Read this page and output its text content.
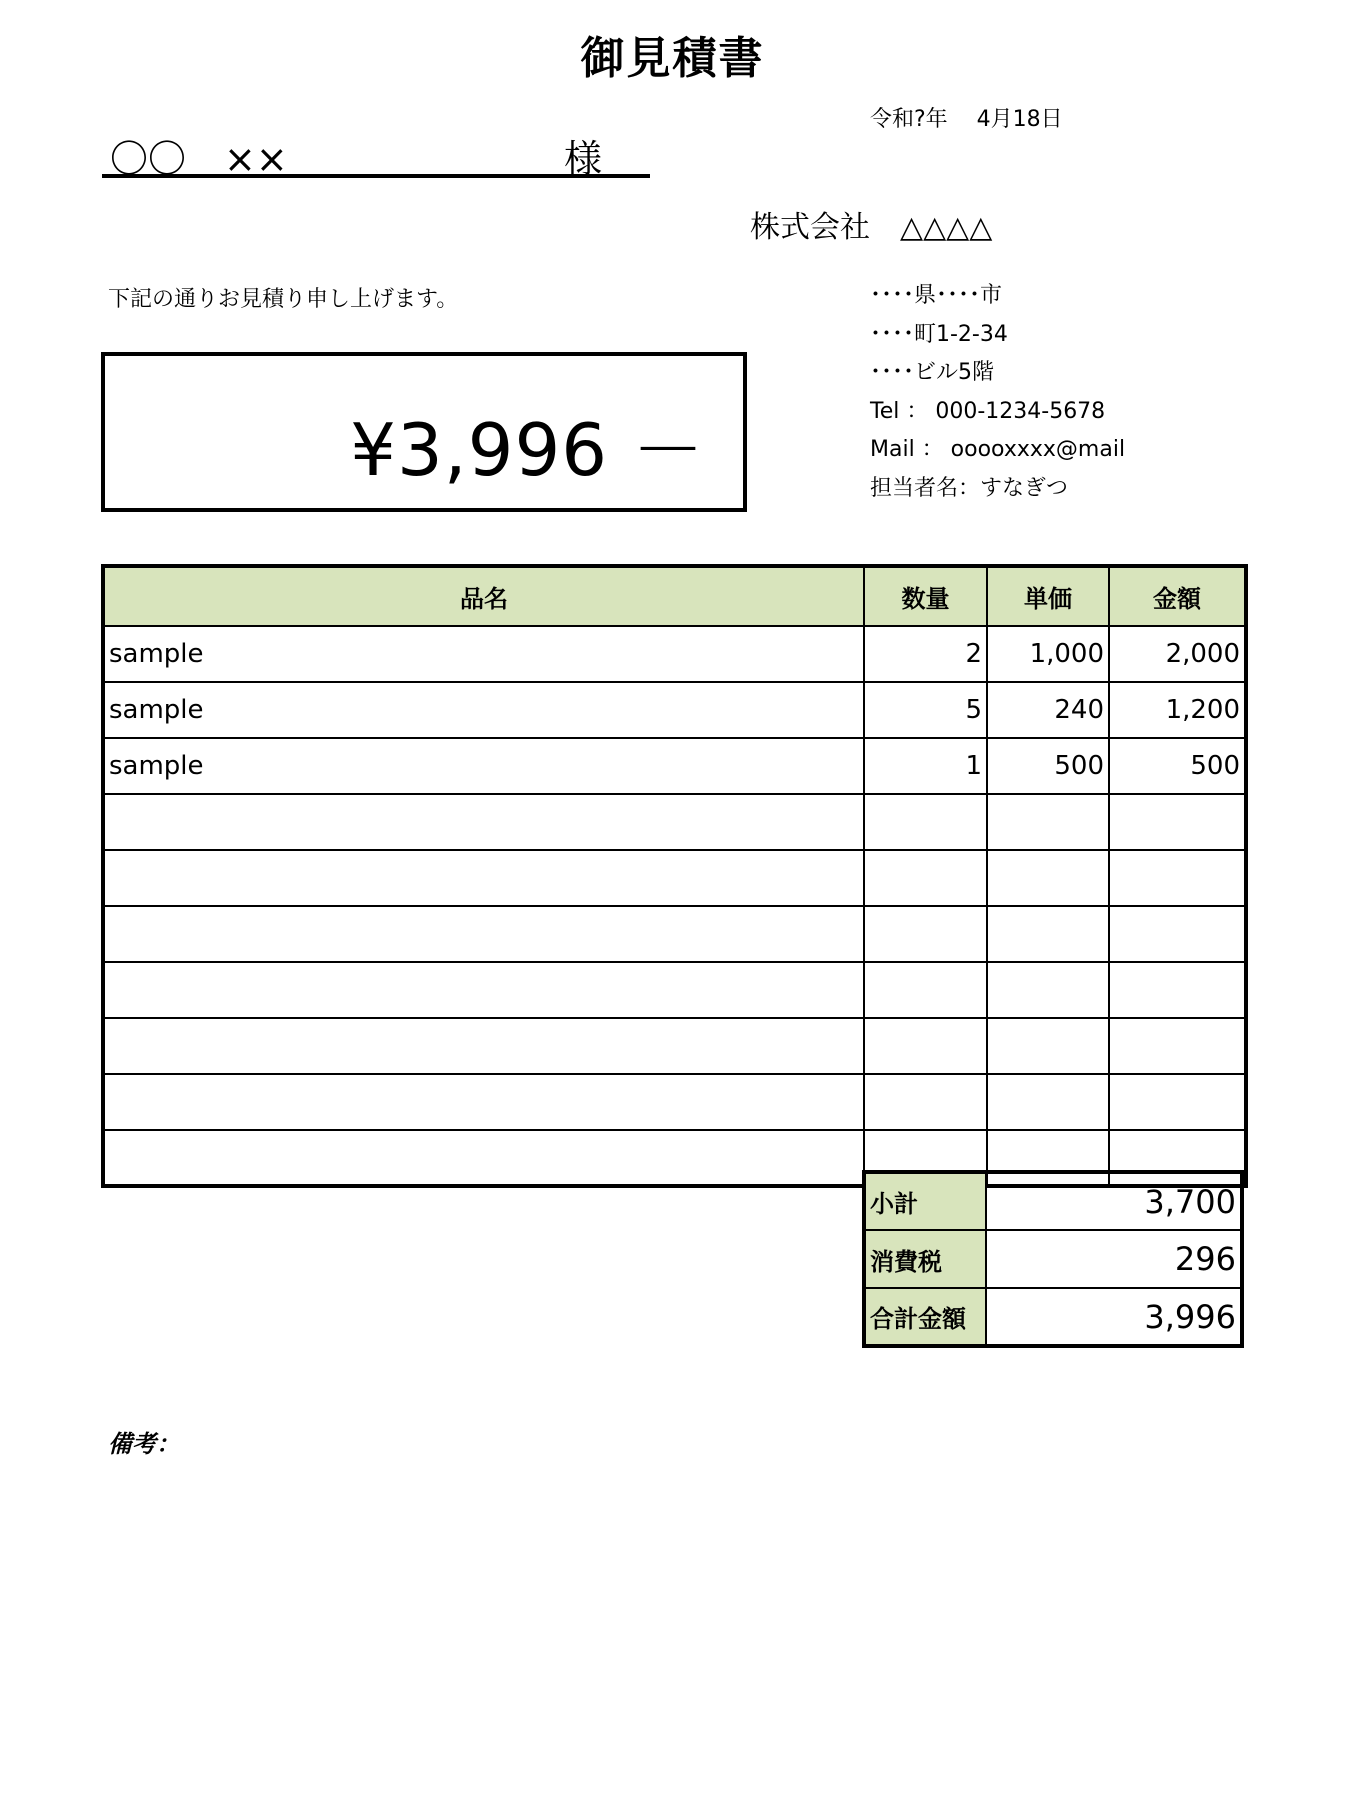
御見積書
令和?年　 4月18日
〇〇　××	様
株式会社　△△△△
下記の通りお見積り申し上げます。	････県････市
････町1-2-34
････ビル5階
Tel ： 000-1234-5678
Mail ： ooooxxxx@mail
担当者名：すなぎつ
¥3,996 －
品名	数量	単価	金額
sample	2	1,000	2,000
sample	5	240	1,200
sample	1	500	500

小計	3,700
消費税	296
合計金額	3,996
備考：
